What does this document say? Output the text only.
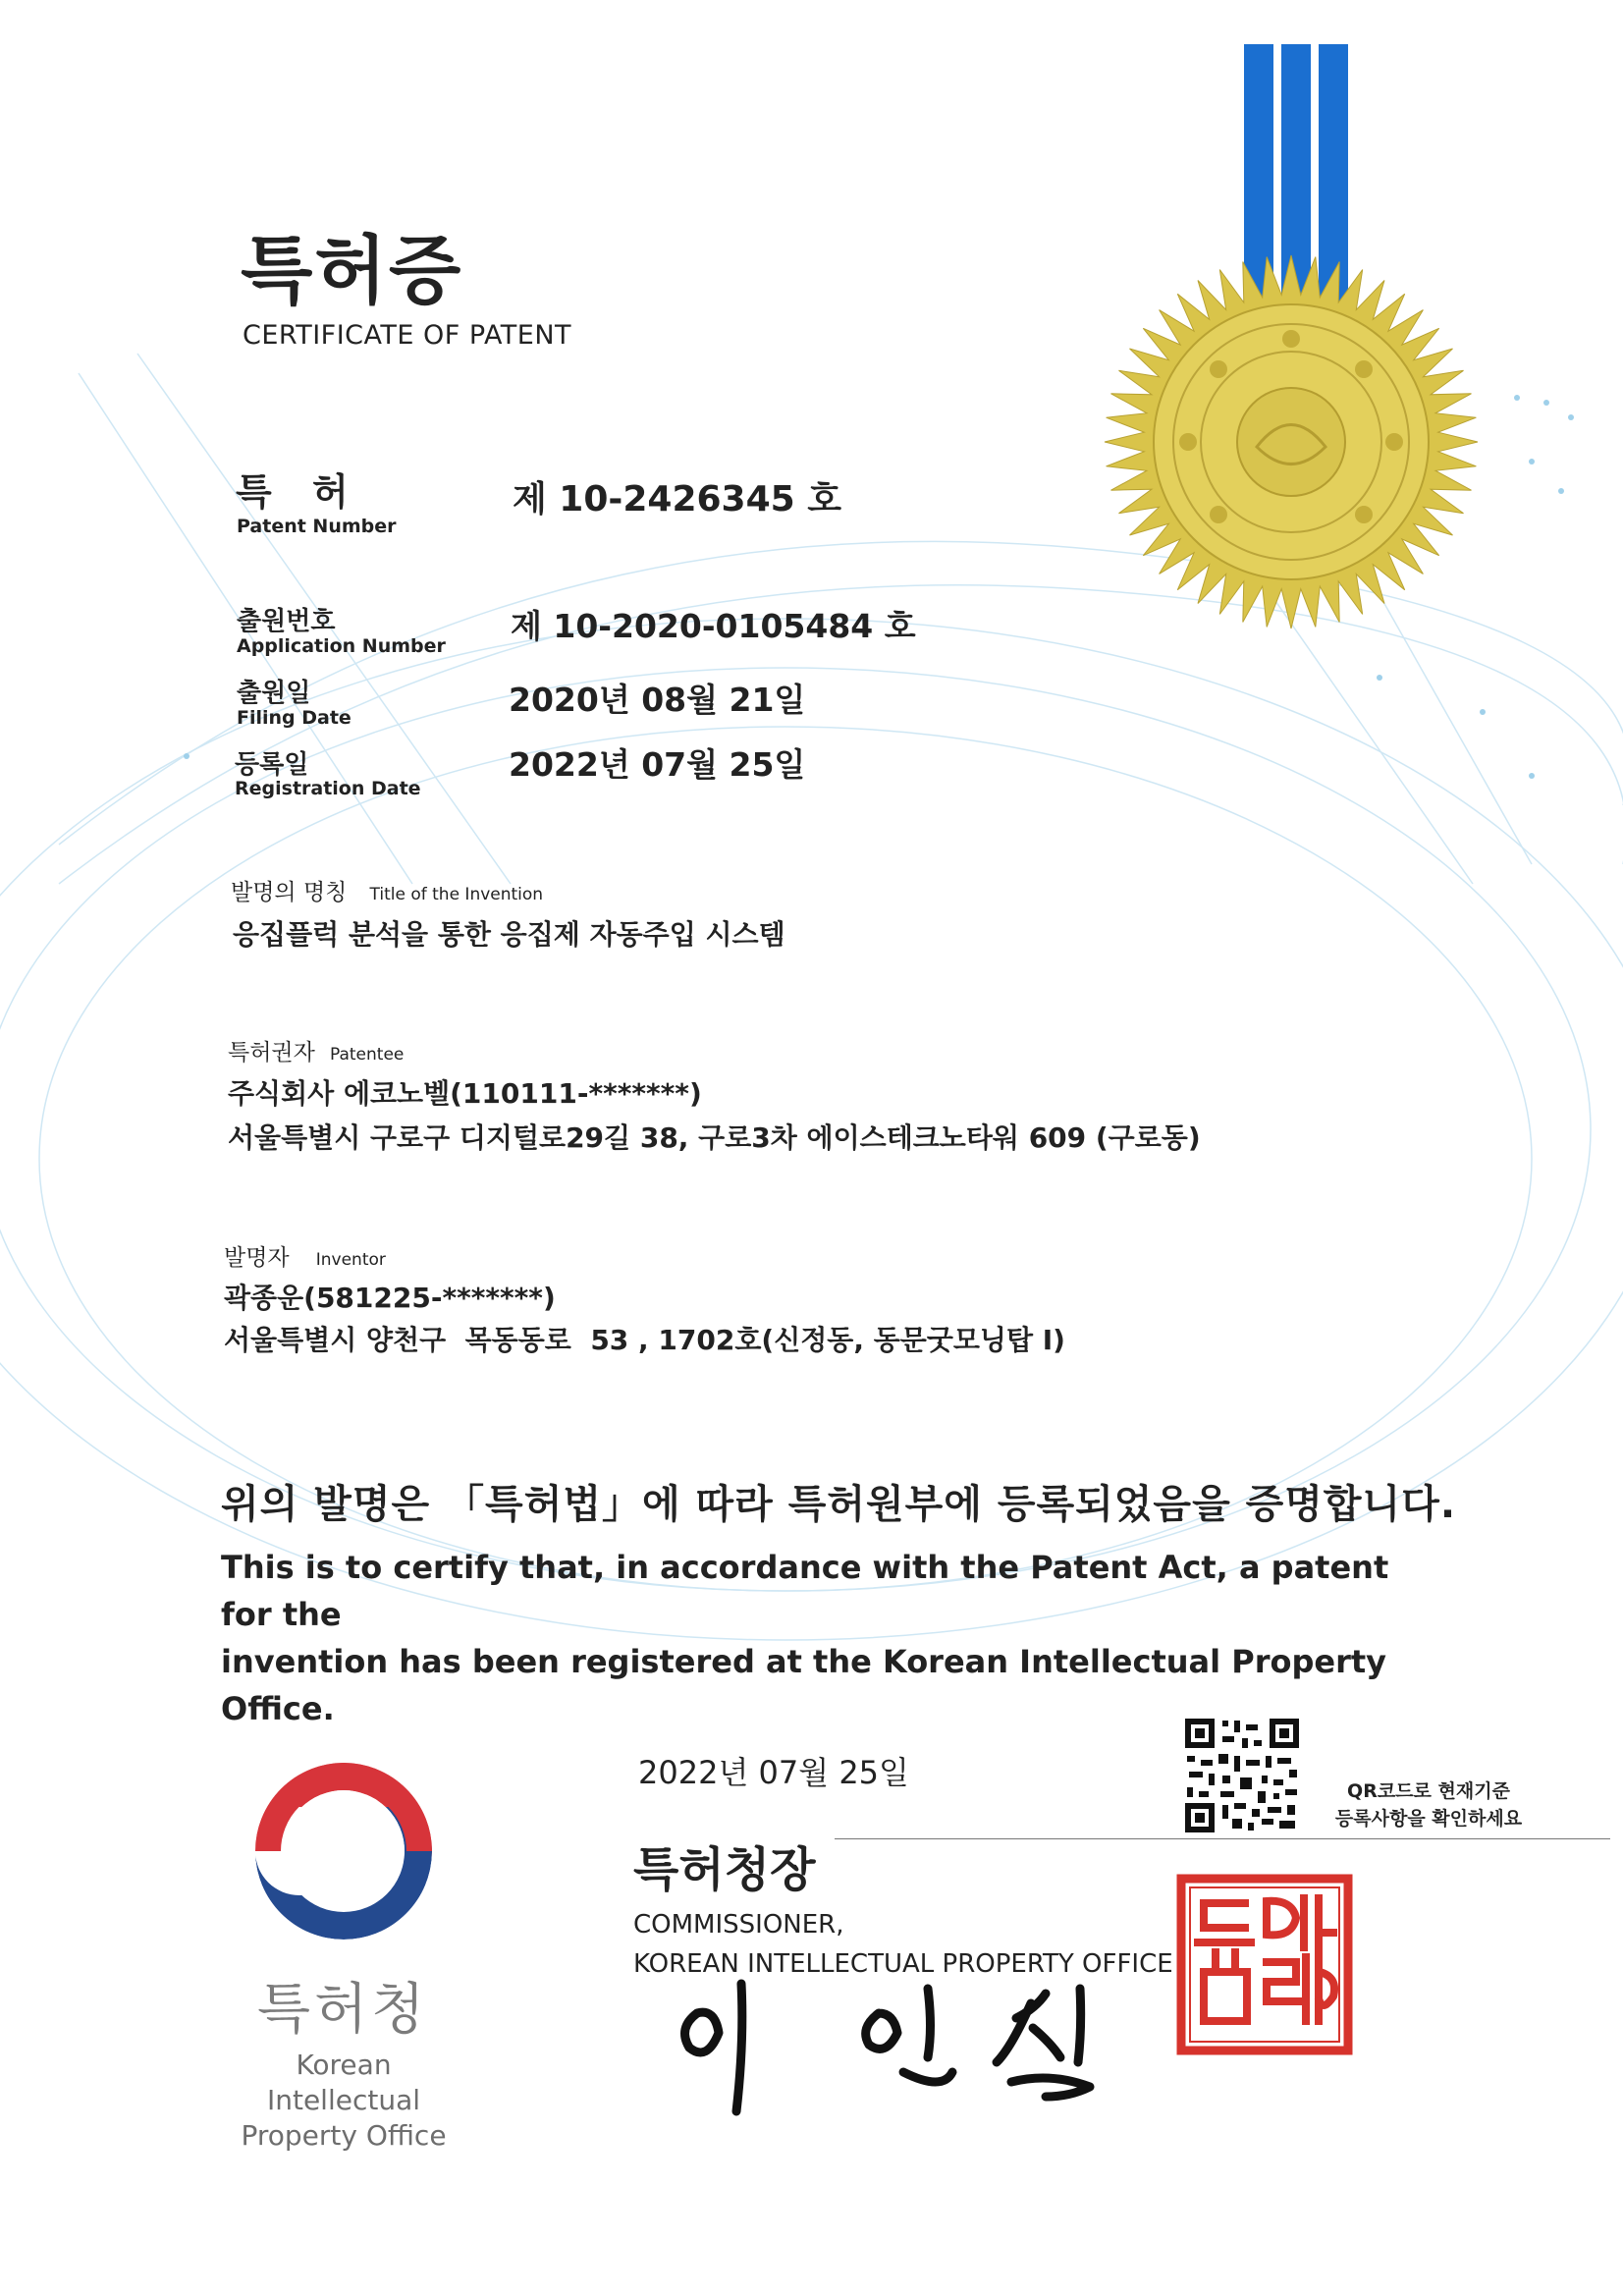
특허증
CERTIFICATE OF PATENT
특 허
Patent Number
제 10-2426345 호
출원번호
Application Number
제 10-2020-0105484 호
출원일
Filing Date	2020년 08월 21일
등록일
Registration Date
2022년 07월 25일
발명의 명칭 Title of the Invention
응집플럭 분석을 통한 응집제 자동주입 시스템
특허권자 Patentee
주식회사 에코노벨(110111-*******)
서울특별시 구로구 디지털로29길 38, 구로3차 에이스테크노타워 609 (구로동)
발명자 Inventor
곽종운(581225-*******)
서울특별시 양천구  목동동로  53 , 1702호(신정동, 동문굿모닝탑 I)
위의 발명은 「특허법」에 따라 특허원부에 등록되었음을 증명합니다.
This is to certify that, in accordance with the Patent Act, a patent for the
invention has been registered at the Korean Intellectual Property Office.
2022년 07월 25일	QR코드로 현재기준
등록사항을 확인하세요
특허청장
COMMISSIONER,
KOREAN INTELLECTUAL PROPERTY OFFICE
특허청
Korean Intellectual
Property Office
